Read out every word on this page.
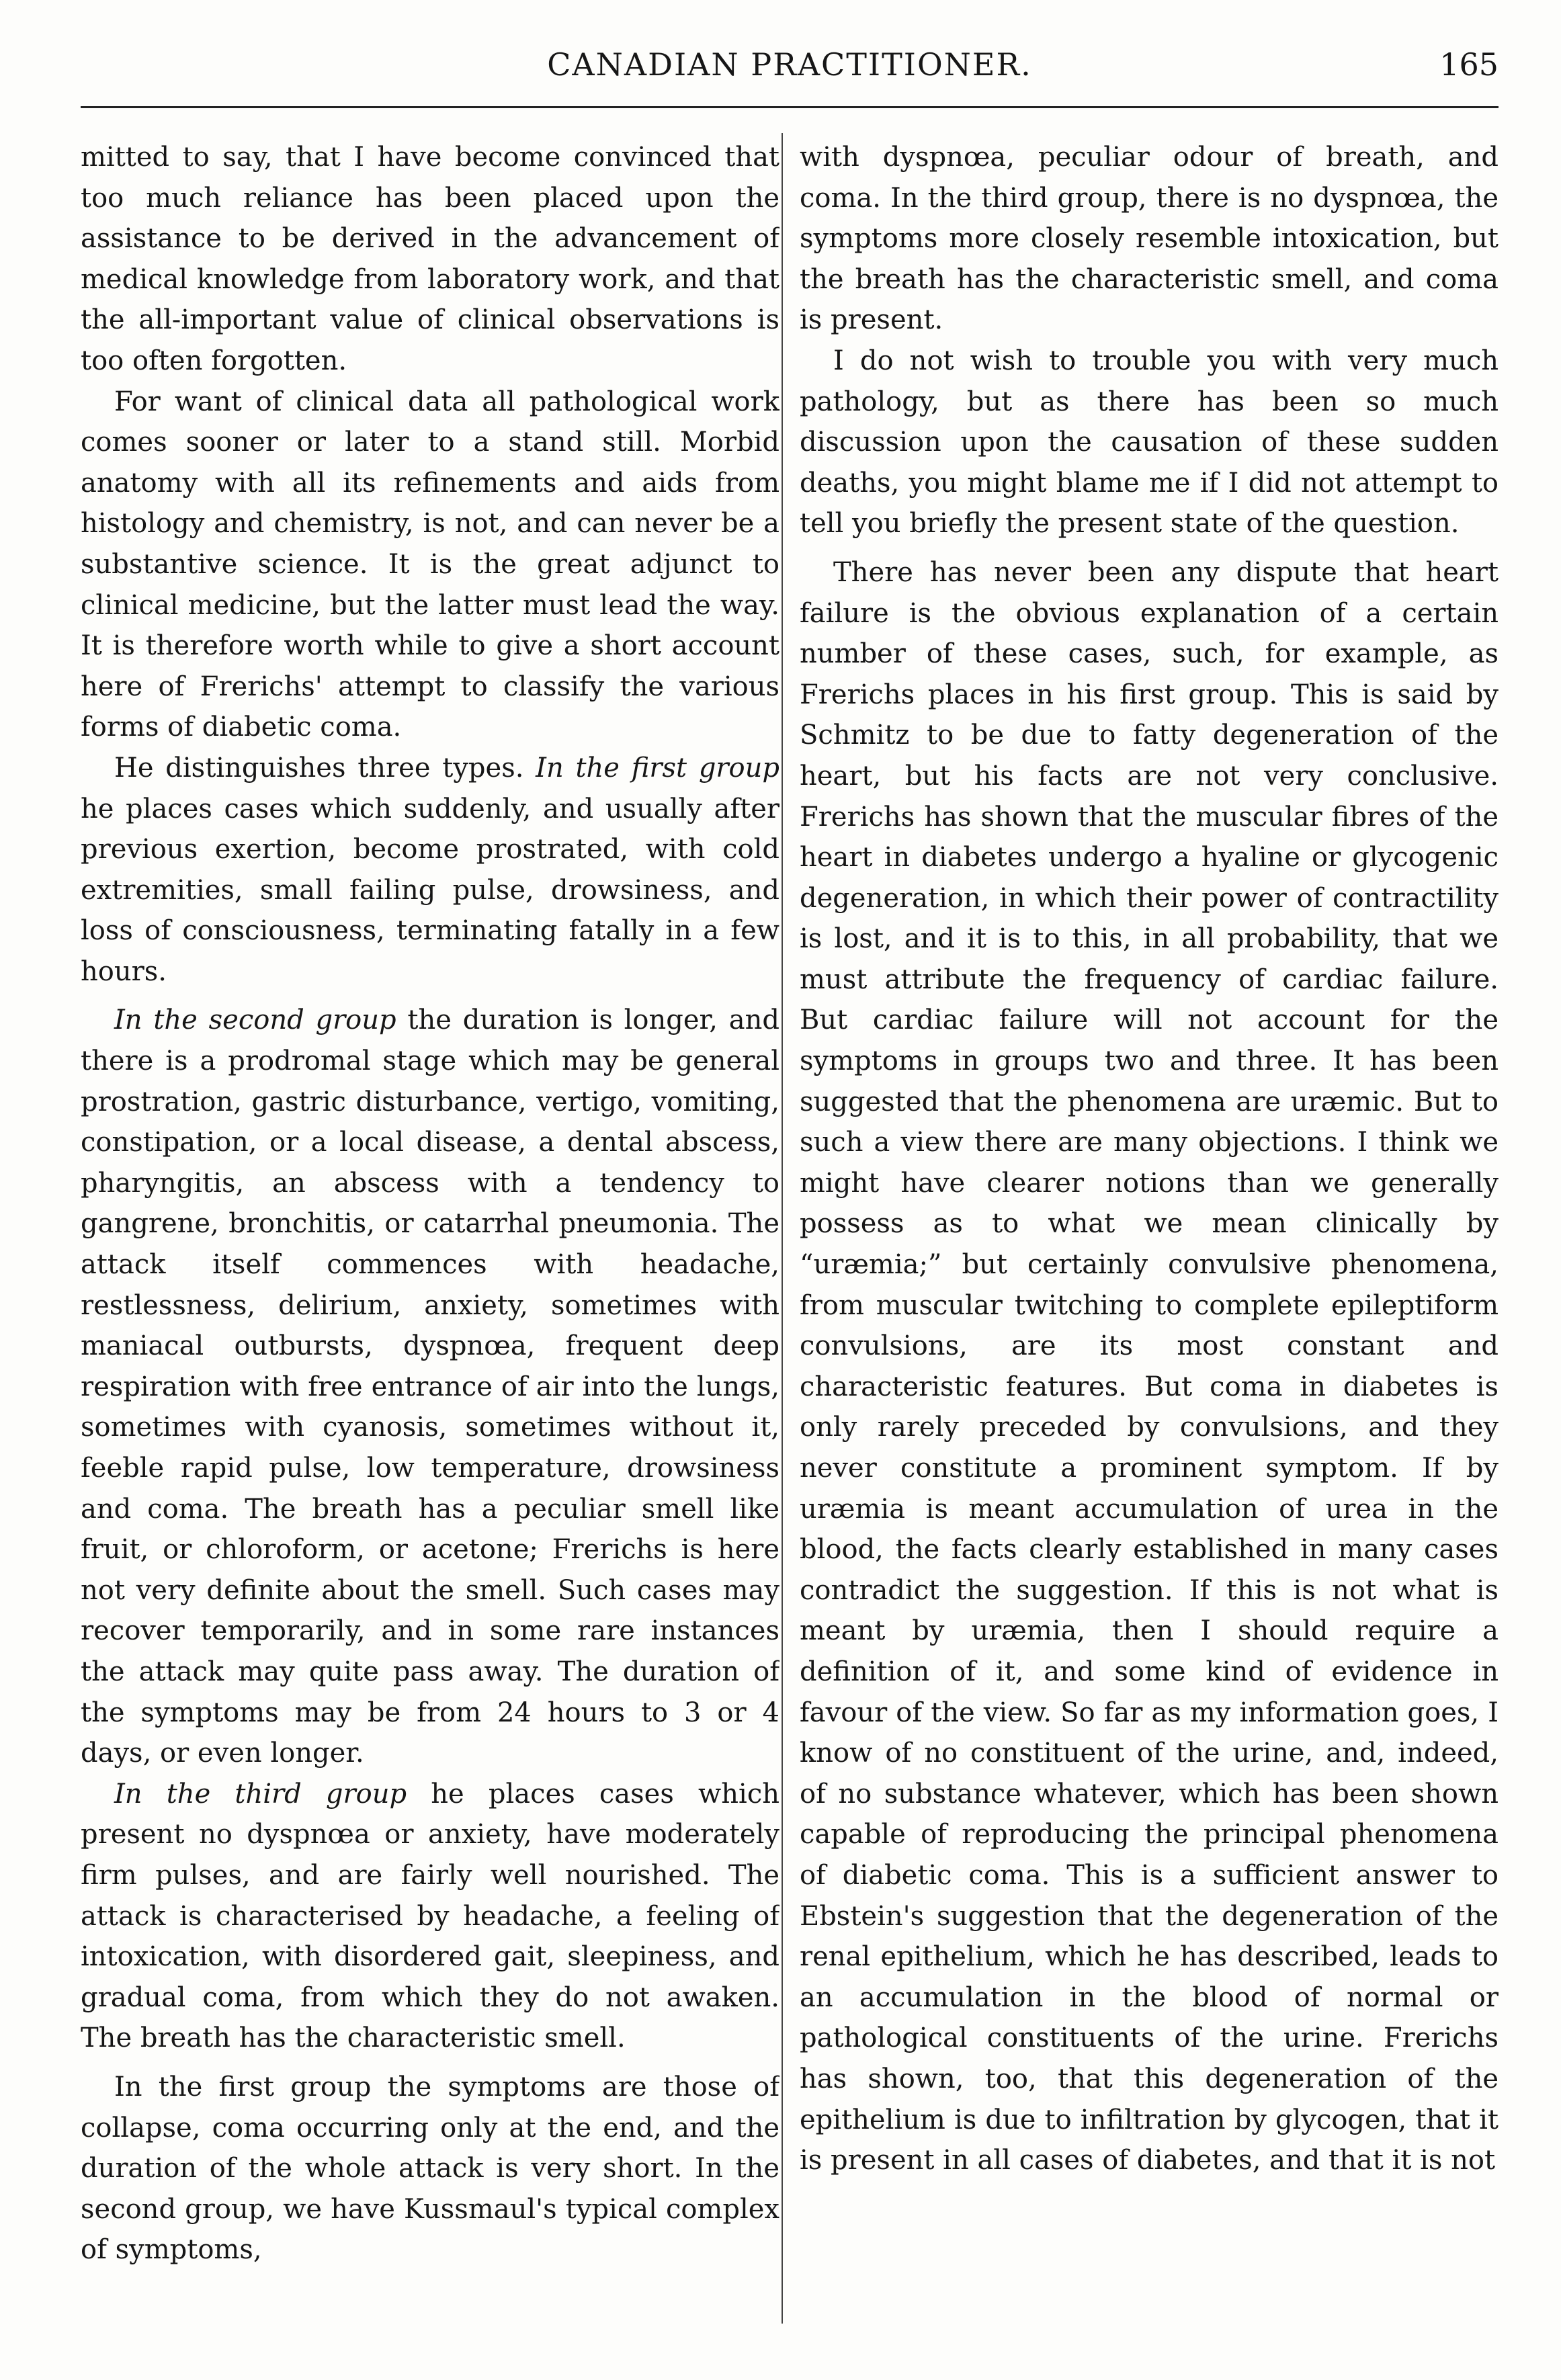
CANADIAN PRACTITIONER.	165

mitted to say, that I have become convinced that too much reliance has been placed upon the assistance to be derived in the advancement of medical knowledge from laboratory work, and that the all-important value of clinical observations is too often forgotten.

For want of clinical data all pathological work comes sooner or later to a stand still. Morbid anatomy with all its refinements and aids from histology and chemistry, is not, and can never be a substantive science. It is the great adjunct to clinical medicine, but the latter must lead the way. It is therefore worth while to give a short account here of Frerichs' attempt to classify the various forms of diabetic coma.

He distinguishes three types. In the first group he places cases which suddenly, and usually after previous exertion, become prostrated, with cold extremities, small failing pulse, drowsiness, and loss of consciousness, terminating fatally in a few hours.

In the second group the duration is longer, and there is a prodromal stage which may be general prostration, gastric disturbance, vertigo, vomiting, constipation, or a local disease, a dental abscess, pharyngitis, an abscess with a tendency to gangrene, bronchitis, or catarrhal pneumonia. The attack itself commences with headache, restlessness, delirium, anxiety, sometimes with maniacal outbursts, dyspnœa, frequent deep respiration with free entrance of air into the lungs, sometimes with cyanosis, sometimes without it, feeble rapid pulse, low temperature, drowsiness and coma. The breath has a peculiar smell like fruit, or chloroform, or acetone; Frerichs is here not very definite about the smell. Such cases may recover temporarily, and in some rare instances the attack may quite pass away. The duration of the symptoms may be from 24 hours to 3 or 4 days, or even longer.

In the third group he places cases which present no dyspnœa or anxiety, have moderately firm pulses, and are fairly well nourished. The attack is characterised by headache, a feeling of intoxication, with disordered gait, sleepiness, and gradual coma, from which they do not awaken. The breath has the characteristic smell.

In the first group the symptoms are those of collapse, coma occurring only at the end, and the duration of the whole attack is very short. In the second group, we have Kussmaul's typical complex of symptoms,

with dyspnœa, peculiar odour of breath, and coma. In the third group, there is no dyspnœa, the symptoms more closely resemble intoxication, but the breath has the characteristic smell, and coma is present.

I do not wish to trouble you with very much pathology, but as there has been so much discussion upon the causation of these sudden deaths, you might blame me if I did not attempt to tell you briefly the present state of the question.

There has never been any dispute that heart failure is the obvious explanation of a certain number of these cases, such, for example, as Frerichs places in his first group. This is said by Schmitz to be due to fatty degeneration of the heart, but his facts are not very conclusive. Frerichs has shown that the muscular fibres of the heart in diabetes undergo a hyaline or glycogenic degeneration, in which their power of contractility is lost, and it is to this, in all probability, that we must attribute the frequency of cardiac failure. But cardiac failure will not account for the symptoms in groups two and three. It has been suggested that the phenomena are uræmic. But to such a view there are many objections. I think we might have clearer notions than we generally possess as to what we mean clinically by “uræmia;” but certainly convulsive phenomena, from muscular twitching to complete epileptiform convulsions, are its most constant and characteristic features. But coma in diabetes is only rarely preceded by convulsions, and they never constitute a prominent symptom. If by uræmia is meant accumulation of urea in the blood, the facts clearly established in many cases contradict the suggestion. If this is not what is meant by uræmia, then I should require a definition of it, and some kind of evidence in favour of the view. So far as my information goes, I know of no constituent of the urine, and, indeed, of no substance whatever, which has been shown capable of reproducing the principal phenomena of diabetic coma. This is a sufficient answer to Ebstein's suggestion that the degeneration of the renal epithelium, which he has described, leads to an accumulation in the blood of normal or pathological constituents of the urine. Frerichs has shown, too, that this degeneration of the epithelium is due to infiltration by glycogen, that it is present in all cases of diabetes, and that it is not
